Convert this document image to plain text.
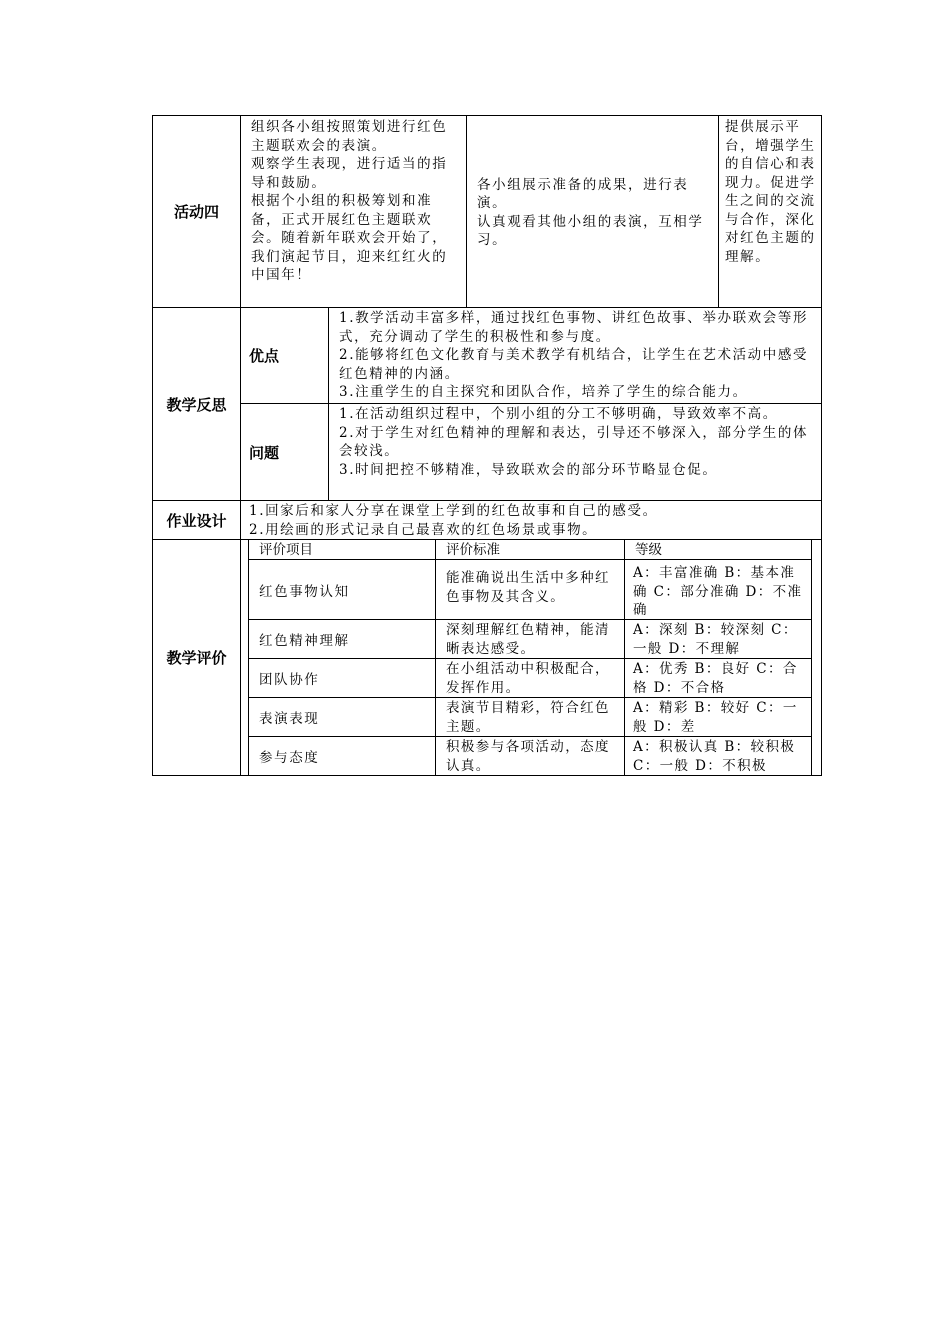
活动四

组织各小组按照策划进行红色主题联欢会的表演。

观察学生表现，进行适当的指导和鼓励。

根据个小组的积极筹划和准备，正式开展红色主题联欢会。随着新年联欢会开始了，我们演起节目，迎来红红火的中国年！

各小组展示准备的成果，进行表演。

认真观看其他小组的表演，互相学习。

提供展示平台，增强学生的自信心和表现力。促进学生之间的交流与合作，深化对红色主题的理解。

教学反思
优点

1.教学活动丰富多样，通过找红色事物、讲红色故事、举办联欢会等形式，充分调动了学生的积极性和参与度。

2.能够将红色文化教育与美术教学有机结合，让学生在艺术活动中感受红色精神的内涵。

3.注重学生的自主探究和团队合作，培养了学生的综合能力。

问题

1.在活动组织过程中，个别小组的分工不够明确，导致效率不高。

2.对于学生对红色精神的理解和表达，引导还不够深入，部分学生的体会较浅。

3.时间把控不够精准，导致联欢会的部分环节略显仓促。

作业设计

1.回家后和家人分享在课堂上学到的红色故事和自己的感受。

2.用绘画的形式记录自己最喜欢的红色场景或事物。

教学评价
评价项目	评价标准	等级
红色事物认知

能准确说出生活中多种红色事物及其含义。

A：丰富准确 B：基本准确 C：部分准确 D：不准确

红色精神理解

深刻理解红色精神，能清晰表达感受。

A：深刻 B：较深刻 C：一般 D：不理解

团队协作

在小组活动中积极配合，发挥作用。

A：优秀 B：良好 C：合格 D：不合格

表演表现

表演节目精彩，符合红色主题。

A：精彩 B：较好 C：一般 D：差

参与态度

积极参与各项活动，态度认真。

A：积极认真 B：较积极 C：一般 D：不积极
